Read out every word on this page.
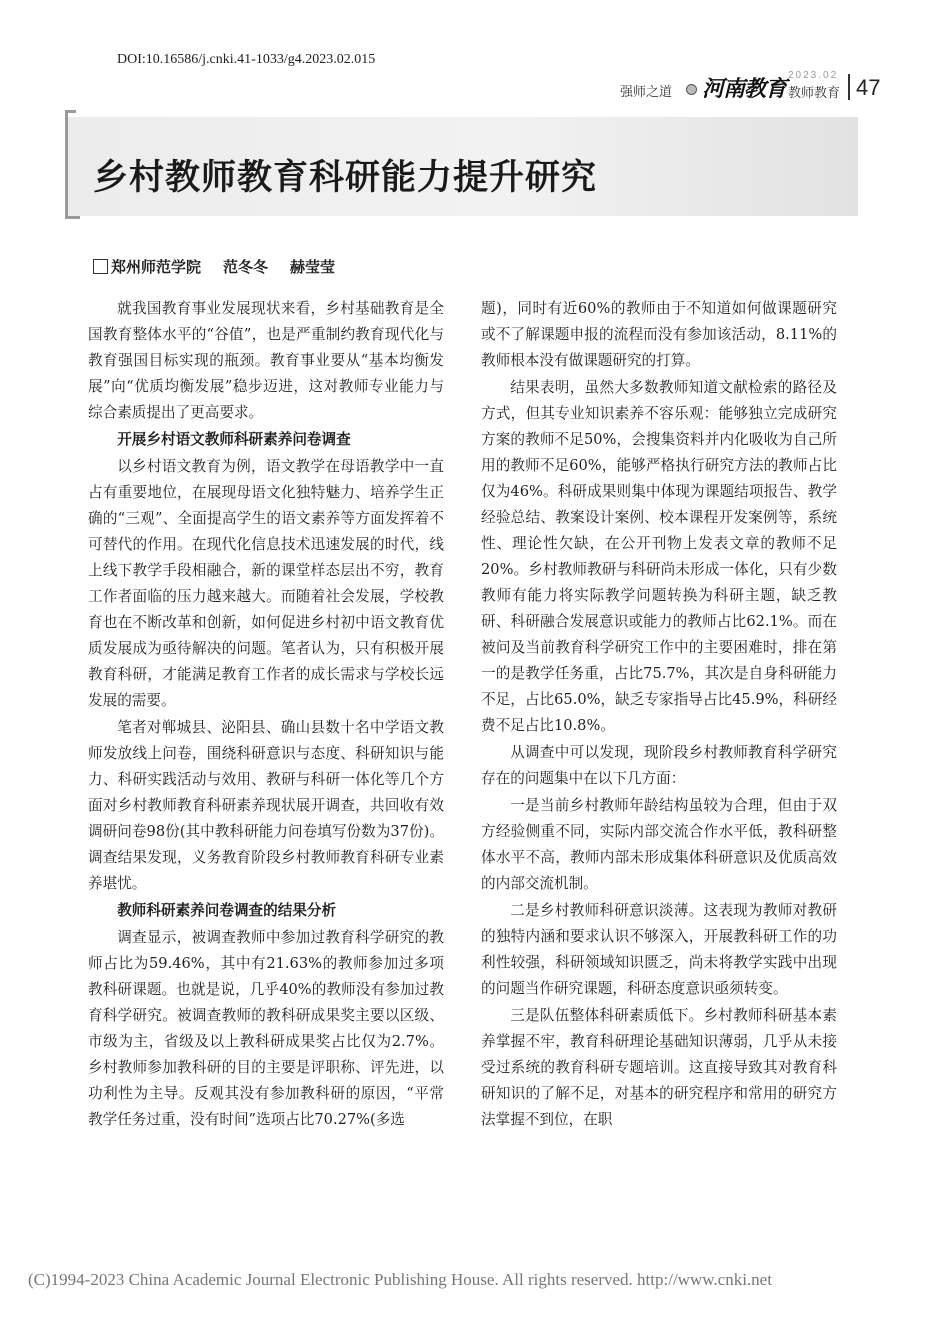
DOI:10.16586/j.cnki.41-1033/g4.2023.02.015
强师之道 河南教育
2023.02
教师教育 47
乡村教师教育科研能力提升研究
郑州师范学院 范冬冬 赫莹莹

就我国教育事业发展现状来看，乡村基础教育是全国教育整体水平的“谷值”，也是严重制约教育现代化与教育强国目标实现的瓶颈。教育事业要从“基本均衡发展”向“优质均衡发展”稳步迈进，这对教师专业能力与综合素质提出了更高要求。

开展乡村语文教师科研素养问卷调查

以乡村语文教育为例，语文教学在母语教学中一直占有重要地位，在展现母语文化独特魅力、培养学生正确的“三观”、全面提高学生的语文素养等方面发挥着不可替代的作用。在现代化信息技术迅速发展的时代，线上线下教学手段相融合，新的课堂样态层出不穷，教育工作者面临的压力越来越大。而随着社会发展，学校教育也在不断改革和创新，如何促进乡村初中语文教育优质发展成为亟待解决的问题。笔者认为，只有积极开展教育科研，才能满足教育工作者的成长需求与学校长远发展的需要。

笔者对郸城县、泌阳县、确山县数十名中学语文教师发放线上问卷，围绕科研意识与态度、科研知识与能力、科研实践活动与效用、教研与科研一体化等几个方面对乡村教师教育科研素养现状展开调查，共回收有效调研问卷98份(其中教科研能力问卷填写份数为37份)。调查结果发现，义务教育阶段乡村教师教育科研专业素养堪忧。

教师科研素养问卷调查的结果分析

调查显示，被调查教师中参加过教育科学研究的教师占比为59.46%，其中有21.63%的教师参加过多项教科研课题。也就是说，几乎40%的教师没有参加过教育科学研究。被调查教师的教科研成果奖主要以区级、市级为主，省级及以上教科研成果奖占比仅为2.7%。乡村教师参加教科研的目的主要是评职称、评先进，以功利性为主导。反观其没有参加教科研的原因，“平常教学任务过重，没有时间”选项占比70.27%(多选

题)，同时有近60%的教师由于不知道如何做课题研究或不了解课题申报的流程而没有参加该活动，8.11%的教师根本没有做课题研究的打算。

结果表明，虽然大多数教师知道文献检索的路径及方式，但其专业知识素养不容乐观：能够独立完成研究方案的教师不足50%，会搜集资料并内化吸收为自己所用的教师不足60%，能够严格执行研究方法的教师占比仅为46%。科研成果则集中体现为课题结项报告、教学经验总结、教案设计案例、校本课程开发案例等，系统性、理论性欠缺，在公开刊物上发表文章的教师不足20%。乡村教师教研与科研尚未形成一体化，只有少数教师有能力将实际教学问题转换为科研主题，缺乏教研、科研融合发展意识或能力的教师占比62.1%。而在被问及当前教育科学研究工作中的主要困难时，排在第一的是教学任务重，占比75.7%，其次是自身科研能力不足，占比65.0%，缺乏专家指导占比45.9%，科研经费不足占比10.8%。

从调查中可以发现，现阶段乡村教师教育科学研究存在的问题集中在以下几方面：

一是当前乡村教师年龄结构虽较为合理，但由于双方经验侧重不同，实际内部交流合作水平低，教科研整体水平不高，教师内部未形成集体科研意识及优质高效的内部交流机制。

二是乡村教师科研意识淡薄。这表现为教师对教研的独特内涵和要求认识不够深入，开展教科研工作的功利性较强，科研领域知识匮乏，尚未将教学实践中出现的问题当作研究课题，科研态度意识亟须转变。

三是队伍整体科研素质低下。乡村教师科研基本素养掌握不牢，教育科研理论基础知识薄弱，几乎从未接受过系统的教育科研专题培训。这直接导致其对教育科研知识的了解不足，对基本的研究程序和常用的研究方法掌握不到位，在职

(C)1994-2023 China Academic Journal Electronic Publishing House. All rights reserved. http://www.cnki.net
